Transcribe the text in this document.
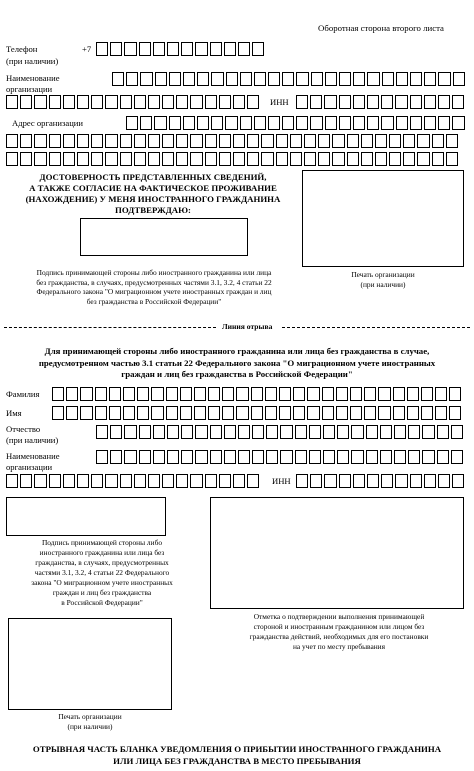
Оборотная сторона второго листа
Телефон
(при наличии)
+7
Наименование
организации
ИНН
Адрес организации
ДОСТОВЕРНОСТЬ ПРЕДСТАВЛЕННЫХ СВЕДЕНИЙ,
А ТАКЖЕ СОГЛАСИЕ НА ФАКТИЧЕСКОЕ ПРОЖИВАНИЕ
(НАХОЖДЕНИЕ) У МЕНЯ ИНОСТРАННОГО ГРАЖДАНИНА
ПОДТВЕРЖДАЮ:
Подпись принимающей стороны либо иностранного гражданина или лица
без гражданства, в случаях, предусмотренных частями 3.1, 3.2, 4 статьи 22
Федерального закона "О миграционном учете иностранных граждан и лиц
без гражданства в Российской Федерации"
Печать организации
(при наличии)
Линия отрыва
Для принимающей стороны либо иностранного гражданина или лица без гражданства в случае,
предусмотренном частью 3.1 статьи 22 Федерального закона "О миграционном учете иностранных
граждан и лиц без гражданства в Российской Федерации"
Фамилия
Имя
Отчество
(при наличии)
Наименование
организации
ИНН
Подпись принимающей стороны либо
иностранного гражданина или лица без
гражданства, в случаях, предусмотренных
частями 3.1, 3.2, 4 статьи 22 Федерального
закона "О миграционном учете иностранных
граждан и лиц без гражданства
в Российской Федерации"
Отметка о подтверждении выполнения принимающей
стороной и иностранным гражданином или лицом без
гражданства действий, необходимых для его постановки
на учет по месту пребывания
Печать организации
(при наличии)
ОТРЫВНАЯ ЧАСТЬ БЛАНКА УВЕДОМЛЕНИЯ О ПРИБЫТИИ ИНОСТРАННОГО ГРАЖДАНИНА
ИЛИ ЛИЦА БЕЗ ГРАЖДАНСТВА В МЕСТО ПРЕБЫВАНИЯ
